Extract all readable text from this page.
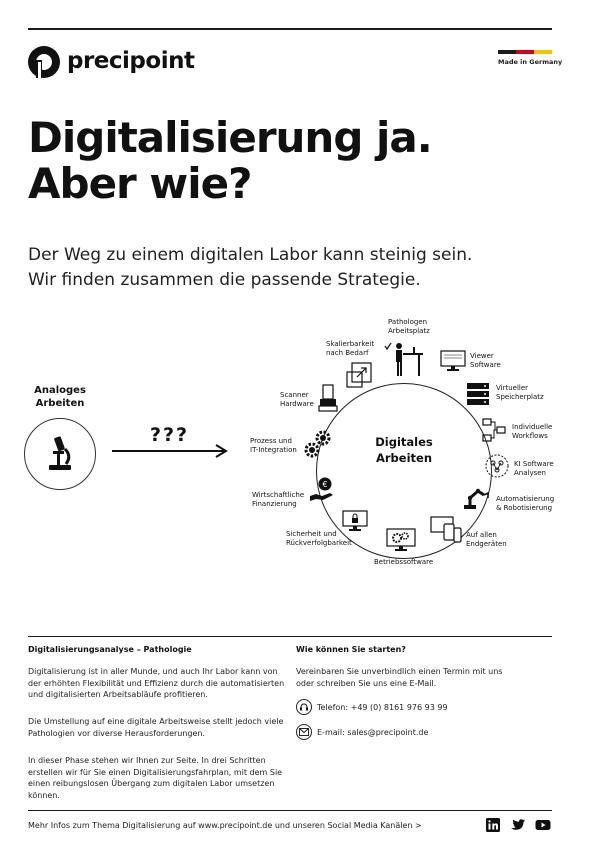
precipoint	Made in Germany
Digitalisierung ja.
Aber wie?
Der Weg zu einem digitalen Labor kann steinig sein.
Wir finden zusammen die passende Strategie.
Analoges
Arbeiten
???	Digitales
Arbeiten
Pathologen
Arbeitsplatz
Skalierbarkeit
nach Bedarf	Viewer
Software
Scanner
Hardware
Virtueller
Speicherplatz
Individuelle
Workflows
Prozess und
IT-Integration
KI Software
Analysen
Wirtschaftliche
Finanzierung
€
Automatisierung
& Robotisierung
Sicherheit und
Rückverfolgbarkeit
Auf allen
Endgeräten
Betriebssoftware
Digitalisierungsanalyse – Pathologie
Digitalisierung ist in aller Munde, und auch Ihr Labor kann von
der erhöhten Flexibilität und Effizienz durch die automatisierten
und digitalisierten Arbeitsabläufe profitieren.
Die Umstellung auf eine digitale Arbeitsweise stellt jedoch viele
Pathologien vor diverse Herausforderungen.
In dieser Phase stehen wir Ihnen zur Seite. In drei Schritten
erstellen wir für Sie einen Digitalisierungsfahrplan, mit dem Sie
einen reibungslosen Übergang zum digitalen Labor umsetzen
können.
Wie können Sie starten?
Vereinbaren Sie unverbindlich einen Termin mit uns
oder schreiben Sie uns eine E-Mail.
Telefon: +49 (0) 8161 976 93 99
E-mail: sales@precipoint.de
Mehr Infos zum Thema Digitalisierung auf www.precipoint.de und unseren Social Media Kanälen >
